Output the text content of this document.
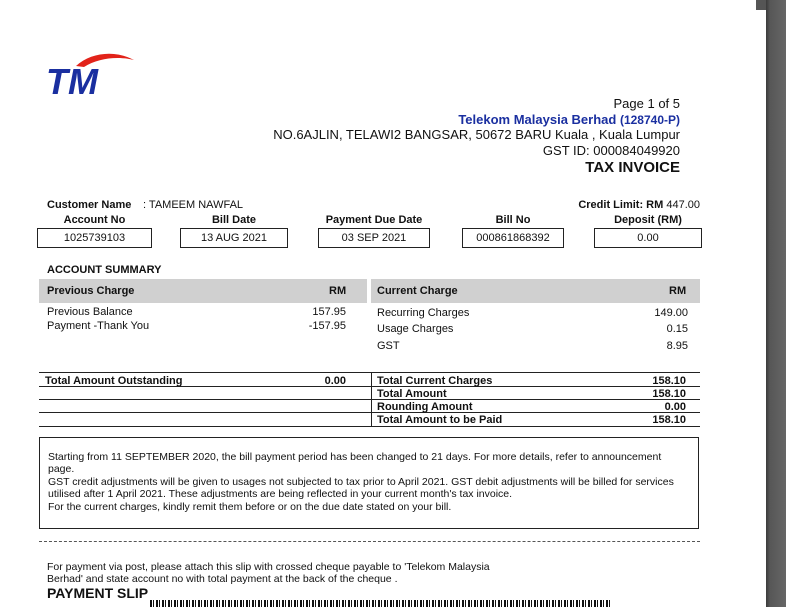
TM
Page 1 of 5
Telekom Malaysia Berhad (128740-P)
NO.6AJLIN, TELAWI2 BANGSAR, 50672 BARU Kuala , Kuala Lumpur
GST ID: 000084049920
TAX INVOICE
Customer Name : TAMEEM NAWFAL	Credit Limit: RM 447.00
Account No	Bill Date	Payment Due Date	Bill No	Deposit (RM)
1025739103	13 AUG 2021	03 SEP 2021	000861868392	0.00
ACCOUNT SUMMARY
Previous Charge	RM	Current Charge	RM
Previous Balance	157.95
Payment -Thank You	-157.95
Recurring Charges	149.00
Usage Charges	0.15
GST	8.95
Total Amount Outstanding	0.00	Total Current Charges	158.10
Total Amount	158.10
Rounding Amount	0.00
Total Amount to be Paid	158.10

Starting from 11 SEPTEMBER 2020, the bill payment period has been changed to 21 days. For more details, refer to announcement page.

GST credit adjustments will be given to usages not subjected to tax prior to April 2021. GST debit adjustments will be billed for services utilised after 1 April 2021. These adjustments are being reflected in your current month's tax invoice.

For the current charges, kindly remit them before or on the due date stated on your bill.

For payment via post, please attach this slip with crossed cheque payable to 'Telekom Malaysia Berhad' and state account no with total payment at the back of the cheque .
PAYMENT SLIP
